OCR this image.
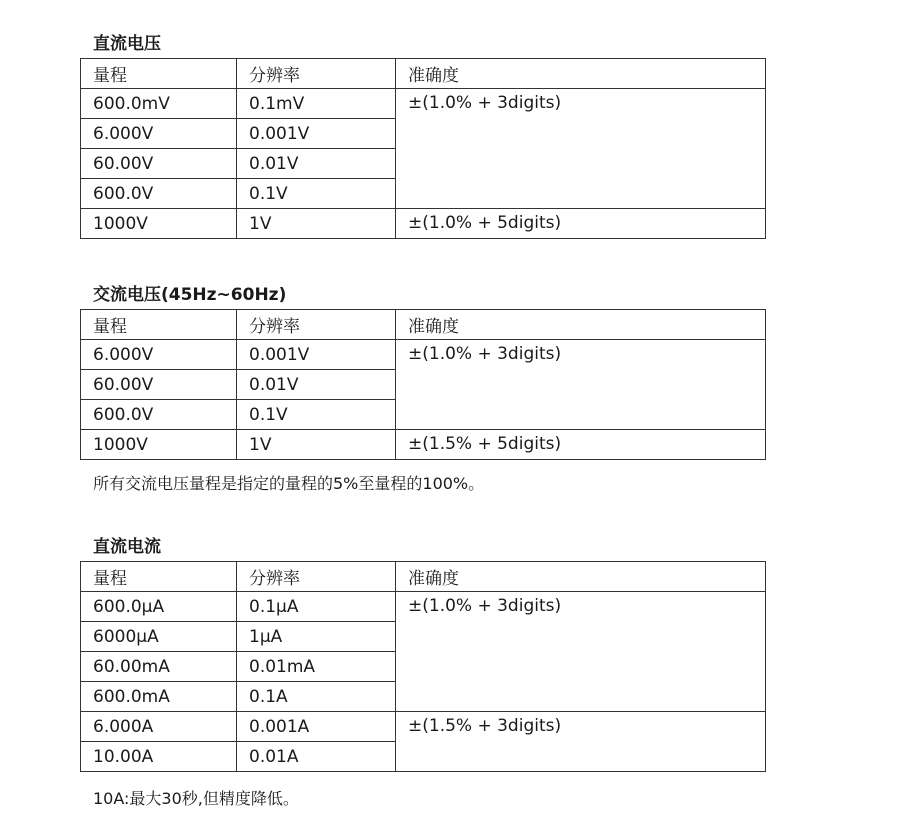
直流电压
量程	分辨率	准确度
600.0mV	0.1mV	±(1.0% + 3digits)
6.000V	0.001V	
60.00V	0.01V	
600.0V	0.1V	
1000V	1V	±(1.0% + 5digits)
交流电压(45Hz~60Hz)
量程	分辨率	准确度
6.000V	0.001V	±(1.0% + 3digits)
60.00V	0.01V	
600.0V	0.1V	
1000V	1V	±(1.5% + 5digits)
所有交流电压量程是指定的量程的5%至量程的100%。
直流电流
量程	分辨率	准确度
600.0μA	0.1μA	±(1.0% + 3digits)
6000μA	1μA	
60.00mA	0.01mA	
600.0mA	0.1A	
6.000A	0.001A	±(1.5% + 3digits)
10.00A	0.01A	
10A:最大30秒,但精度降低。
